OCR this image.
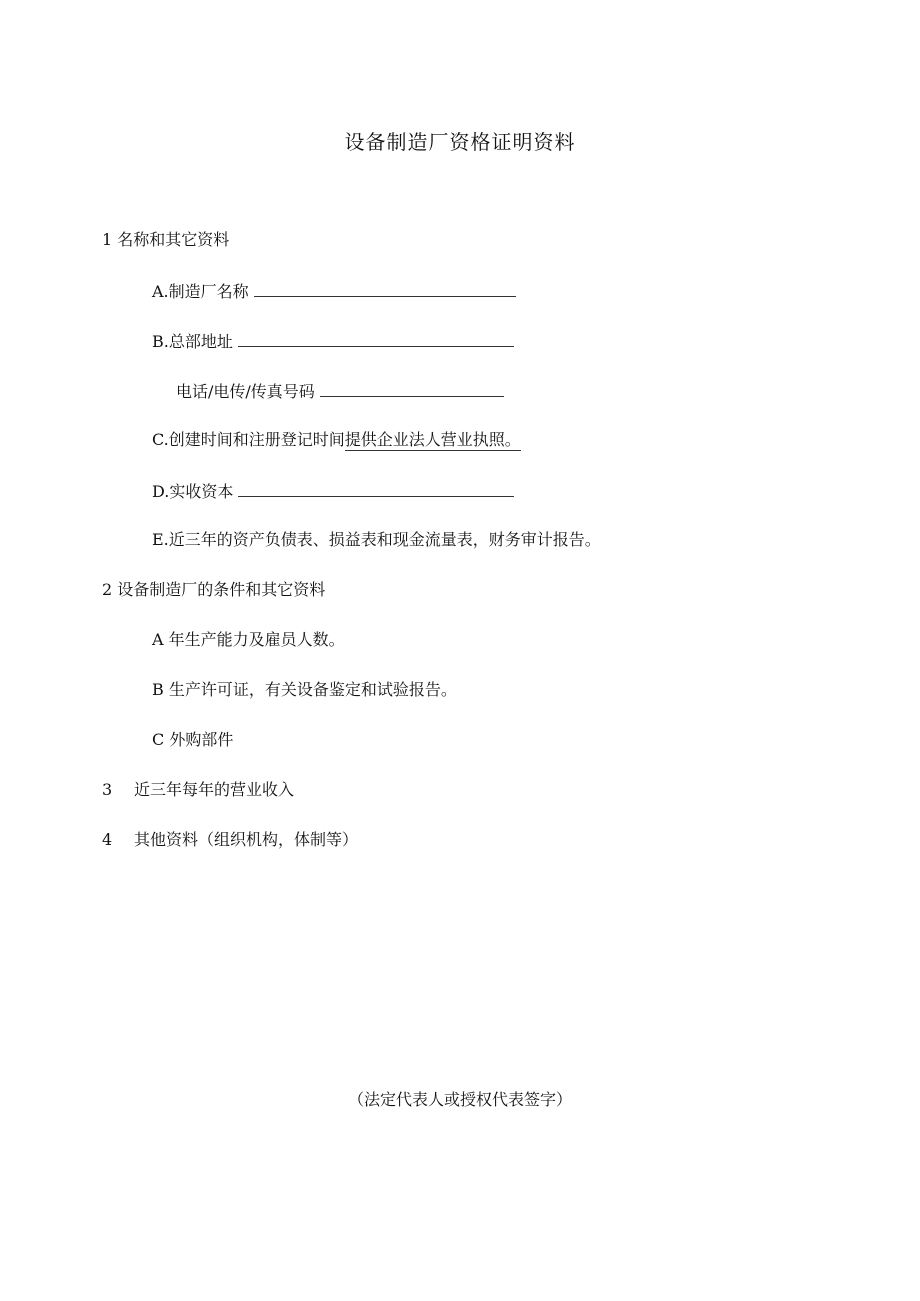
设备制造厂资格证明资料
1 名称和其它资料
A.制造厂名称
B.总部地址
电话/电传/传真号码
C.创建时间和注册登记时间提供企业法人营业执照。
D.实收资本
E.近三年的资产负债表、损益表和现金流量表，财务审计报告。
2 设备制造厂的条件和其它资料
A 年生产能力及雇员人数。
B 生产许可证，有关设备鉴定和试验报告。
C 外购部件
3 近三年每年的营业收入
4 其他资料（组织机构，体制等）
（法定代表人或授权代表签字）
